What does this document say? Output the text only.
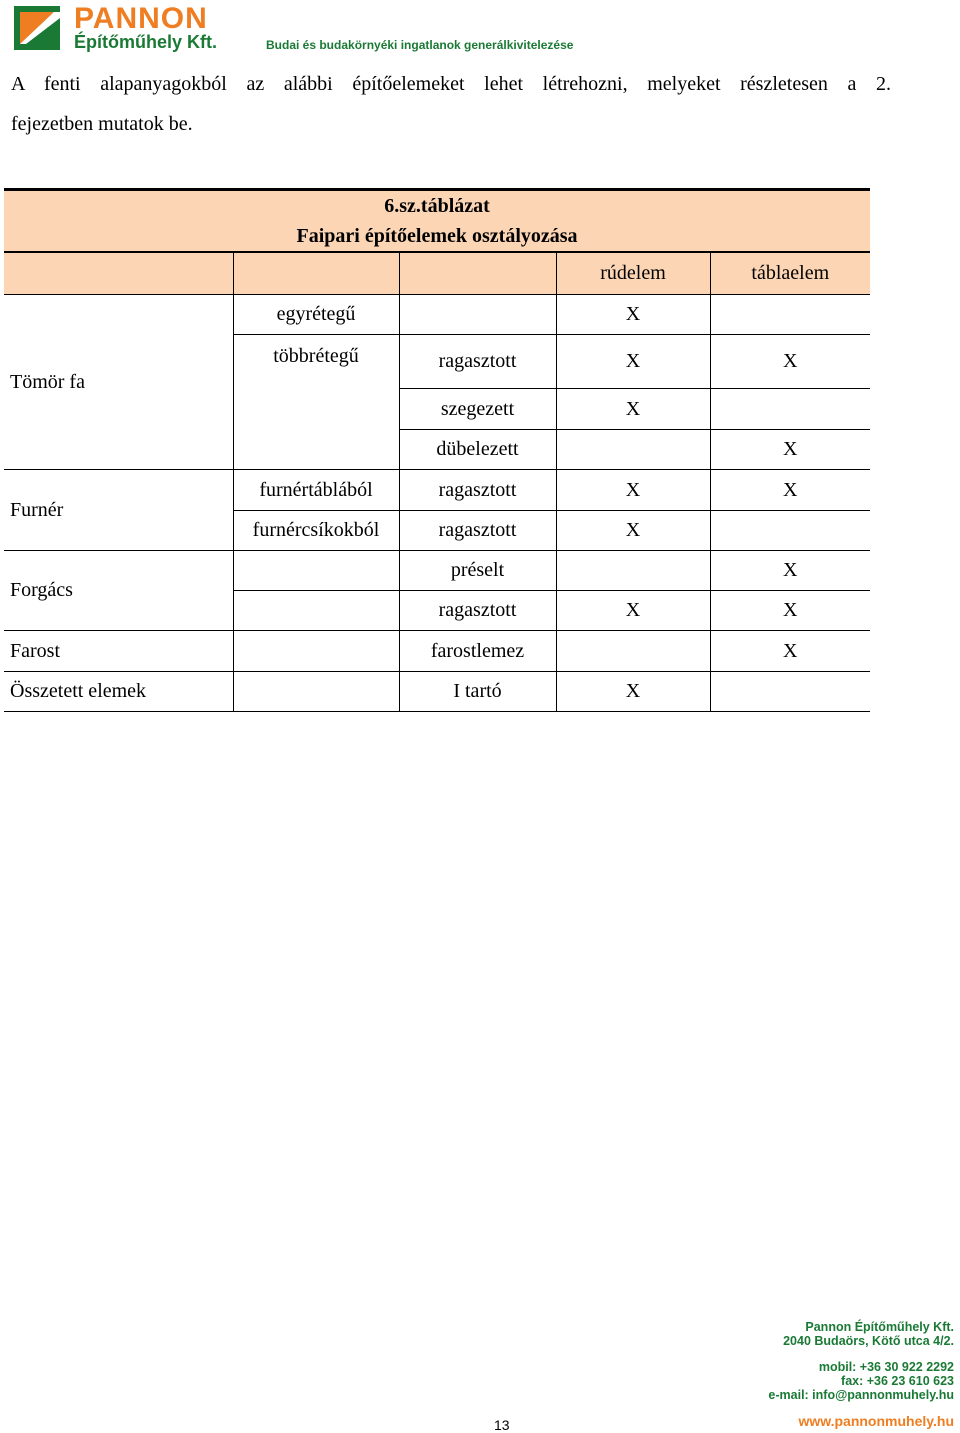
PANNON
Építőműhely Kft.	Budai és budakörnyéki ingatlanok generálkivitelezése

A fenti alapanyagokból az alábbi építőelemeket lehet létrehozni, melyeket részletesen a 2.
fejezetben mutatok be.

6.sz.táblázat
Faipari építőelemek osztályozása				

			rúdelem	táblaelem
Tömör fa	egyrétegű		X	
	többrétegű	ragasztott	X	X
		szegezett	X	
		dübelezett		X
Furnér	furnértáblából	ragasztott	X	X
	furnércsíkokból	ragasztott	X	
Forgács		préselt		X
		ragasztott	X	X
Farost		farostlemez		X
Összetett elemek		I tartó	X	
Pannon Építőműhely Kft.
2040 Budaörs, Kötő utca 4/2.
mobil: +36 30 922 2292
fax: +36 23 610 623
e-mail: info@pannonmuhely.hu
www.pannonmuhely.hu
13
